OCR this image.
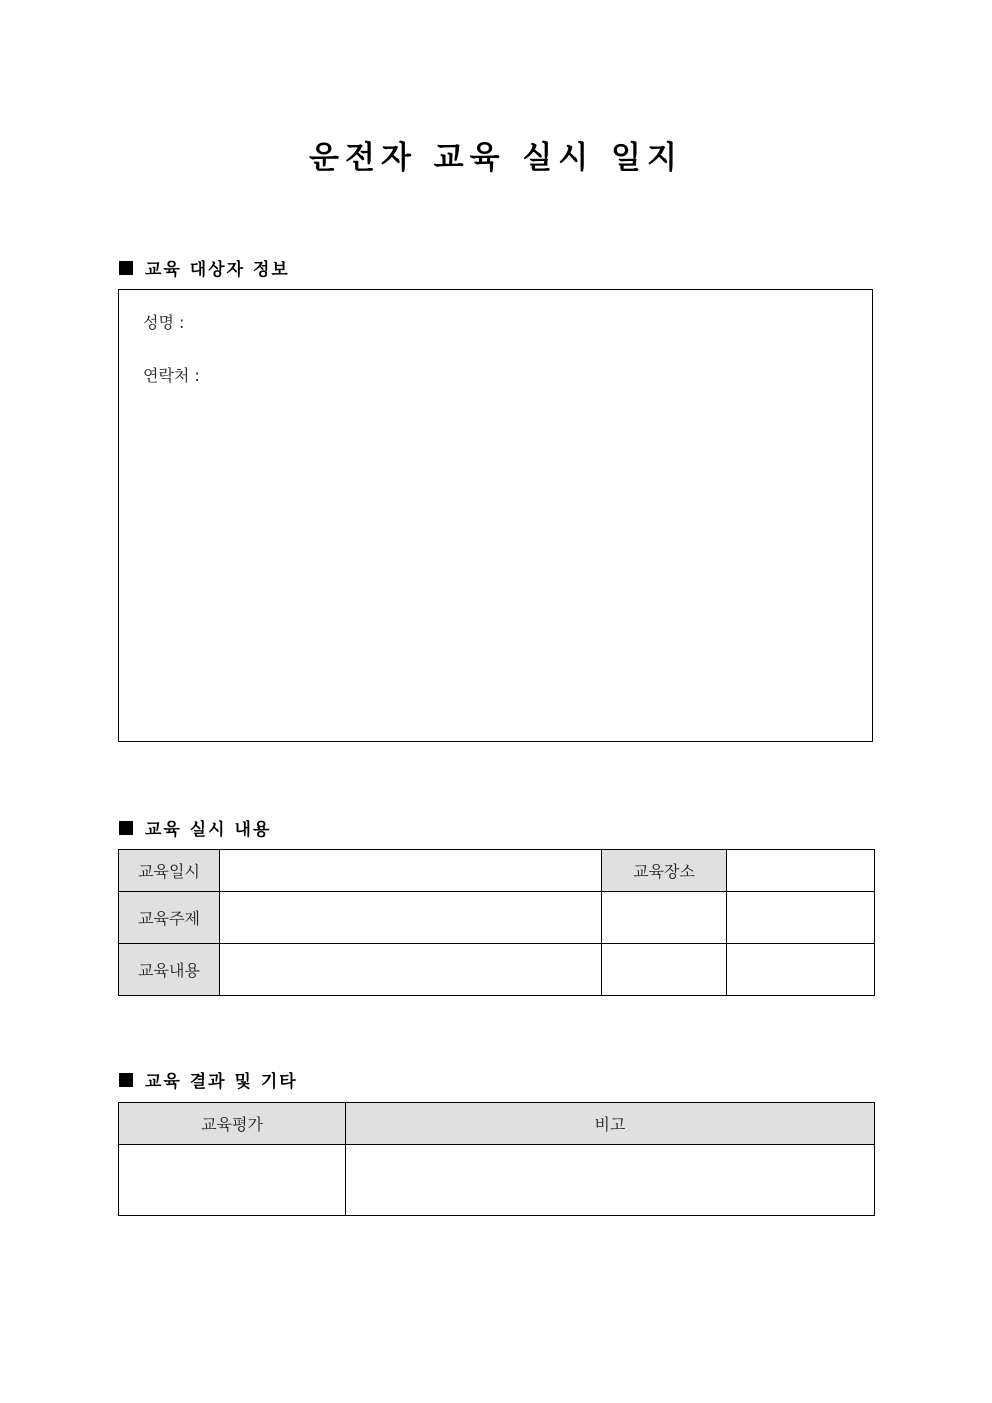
운전자 교육 실시 일지
교육 대상자 정보
성명 :
연락처 :
교육 실시 내용
교육일시		교육장소	
교육주제			
교육내용			
교육 결과 및 기타
교육평가	비고
